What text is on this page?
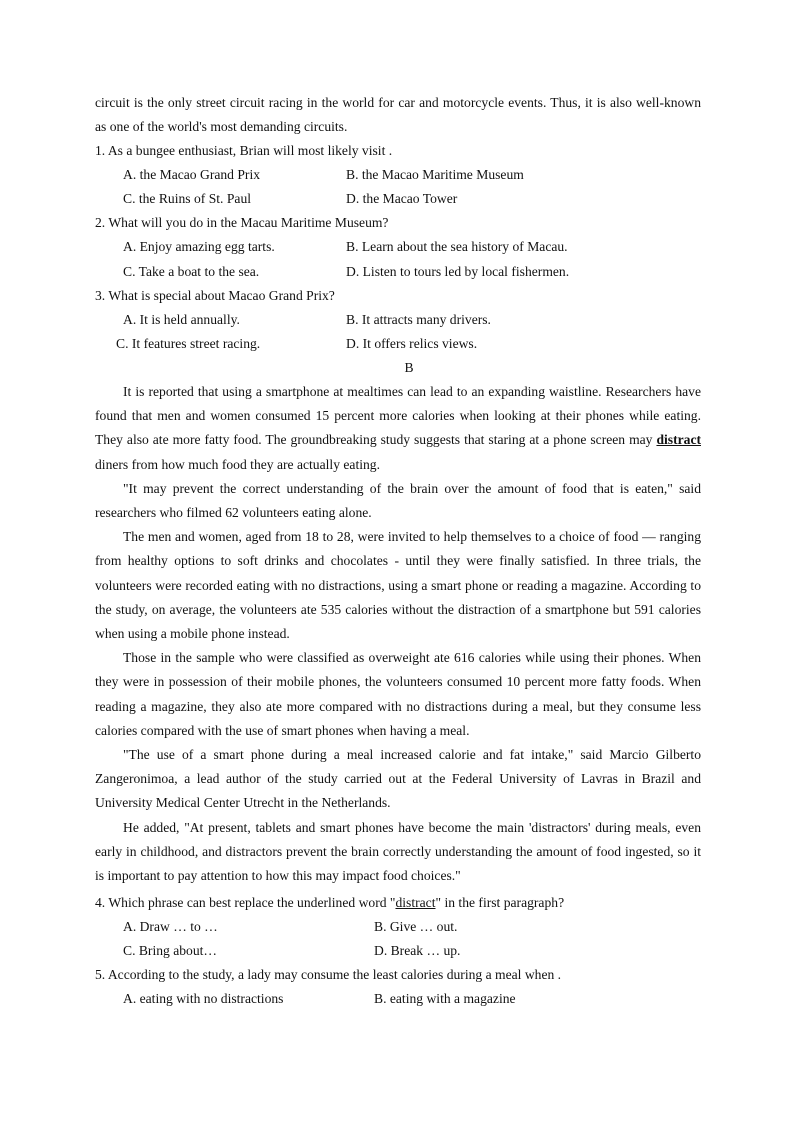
circuit is the only street circuit racing in the world for car and motorcycle events. Thus, it is also well-known
as one of the world's most demanding circuits.
1. As a bungee enthusiast, Brian will most likely visit .
A. the Macao Grand Prix	B. the Macao Maritime Museum
C. the Ruins of St. Paul	D. the Macao Tower
2. What will you do in the Macau Maritime Museum?
A. Enjoy amazing egg tarts.	B. Learn about the sea history of Macau.
C. Take a boat to the sea.	D. Listen to tours led by local fishermen.
3. What is special about Macao Grand Prix?
A. It is held annually.	B. It attracts many drivers.
C. It features street racing.	D. It offers relics views.
B
It is reported that using a smartphone at mealtimes can lead to an expanding waistline. Researchers have found that men and women consumed 15 percent more calories when looking at their phones while eating. They also ate more fatty food. The groundbreaking study suggests that staring at a phone screen may distract diners from how much food they are actually eating.
"It may prevent the correct understanding of the brain over the amount of food that is eaten," said researchers who filmed 62 volunteers eating alone.
The men and women, aged from 18 to 28, were invited to help themselves to a choice of food — ranging from healthy options to soft drinks and chocolates - until they were finally satisfied. In three trials, the volunteers were recorded eating with no distractions, using a smart phone or reading a magazine. According to the study, on average, the volunteers ate 535 calories without the distraction of a smartphone but 591 calories when using a mobile phone instead.
Those in the sample who were classified as overweight ate 616 calories while using their phones. When they were in possession of their mobile phones, the volunteers consumed 10 percent more fatty foods. When reading a magazine, they also ate more compared with no distractions during a meal, but they consume less calories compared with the use of smart phones when having a meal.
"The use of a smart phone during a meal increased calorie and fat intake," said Marcio Gilberto Zangeronimoa, a lead author of the study carried out at the Federal University of Lavras in Brazil and University Medical Center Utrecht in the Netherlands.
He added, "At present, tablets and smart phones have become the main 'distractors' during meals, even early in childhood, and distractors prevent the brain correctly understanding the amount of food ingested, so it is important to pay attention to how this may impact food choices."
4. Which phrase can best replace the underlined word "distract" in the first paragraph?
A. Draw … to …	B. Give … out.
C. Bring about…	D. Break … up.
5. According to the study, a lady may consume the least calories during a meal when .
A. eating with no distractions	B. eating with a magazine
